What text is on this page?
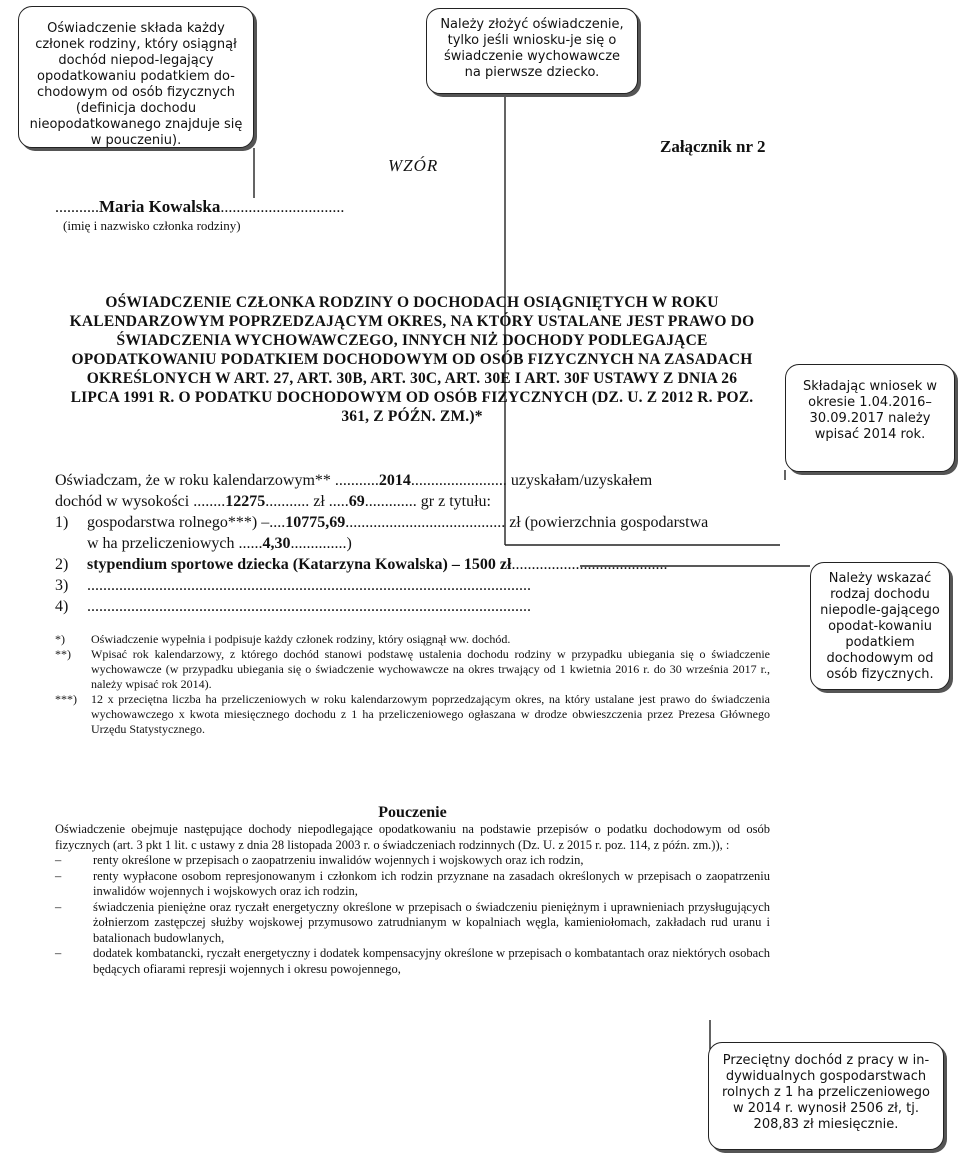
Oświadczenie składa każdy członek rodziny, który osiągnął dochód niepod-legający opodatkowaniu podatkiem do-chodowym od osób fizycznych (definicja dochodu nieopodatkowanego znajduje się w pouczeniu).
Należy złożyć oświadczenie, tylko jeśli wniosku-je się o świadczenie wychowawcze na pierwsze dziecko.
Składając wniosek w okresie 1.04.2016–30.09.2017 należy wpisać 2014 rok.
Należy wskazać rodzaj dochodu niepodle-gającego opodat-kowaniu podatkiem dochodowym od osób fizycznych.
Przeciętny dochód z pracy w in-dywidualnych gospodarstwach rolnych z 1 ha przeliczeniowego w 2014 r. wynosił 2506 zł, tj. 208,83 zł miesięcznie.
WZÓR
Załącznik nr 2
...........Maria Kowalska...............................
(imię i nazwisko członka rodziny)
OŚWIADCZENIE CZŁONKA RODZINY O DOCHODACH OSIĄGNIĘTYCH W ROKU KALENDARZOWYM POPRZEDZAJĄCYM OKRES, NA KTÓRY USTALANE JEST PRAWO DO ŚWIADCZENIA WYCHOWAWCZEGO, INNYCH NIŻ DOCHODY PODLEGAJĄCE OPODATKOWANIU PODATKIEM DOCHODOWYM OD OSÓB FIZYCZNYCH NA ZASADACH OKREŚLONYCH W ART. 27, ART. 30B, ART. 30C, ART. 30E I ART. 30F USTAWY Z DNIA 26 LIPCA 1991 R. O PODATKU DOCHODOWYM OD OSÓB FIZYCZNYCH (DZ. U. Z 2012 R. POZ. 361, Z PÓŹN. ZM.)*
Oświadczam, że w roku kalendarzowym** ...........2014........................ uzyskałam/uzyskałem
dochód w wysokości ........12275........... zł .....69............. gr z tytułu:
1) gospodarstwa rolnego***) –....10775,69........................................ zł (powierzchnia gospodarstwa
w ha przeliczeniowych ......4,30..............)
2) stypendium sportowe dziecka (Katarzyna Kowalska) – 1500 zł.......................................
3) ...............................................................................................................
4) ...............................................................................................................
*)	Oświadczenie wypełnia i podpisuje każdy członek rodziny, który osiągnął ww. dochód.
**)	Wpisać rok kalendarzowy, z którego dochód stanowi podstawę ustalenia dochodu rodziny w przypadku ubiegania się o świadczenie wychowawcze (w przypadku ubiegania się o świadczenie wychowawcze na okres trwający od 1 kwietnia 2016 r. do 30 września 2017 r., należy wpisać rok 2014).
***)	12 x przeciętna liczba ha przeliczeniowych w roku kalendarzowym poprzedzającym okres, na który ustalane jest prawo do świadczenia wychowawczego x kwota miesięcznego dochodu z 1 ha przeliczeniowego ogłaszana w drodze obwieszczenia przez Prezesa Głównego Urzędu Statystycznego.
Pouczenie
Oświadczenie obejmuje następujące dochody niepodlegające opodatkowaniu na podstawie przepisów o podatku dochodowym od osób fizycznych (art. 3 pkt 1 lit. c ustawy z dnia 28 listopada 2003 r. o świadczeniach rodzinnych (Dz. U. z 2015 r. poz. 114, z późn. zm.)), :
–	renty określone w przepisach o zaopatrzeniu inwalidów wojennych i wojskowych oraz ich rodzin,
–	renty wypłacone osobom represjonowanym i członkom ich rodzin przyznane na zasadach określonych w przepisach o zaopatrzeniu inwalidów wojennych i wojskowych oraz ich rodzin,
–	świadczenia pieniężne oraz ryczałt energetyczny określone w przepisach o świadczeniu pieniężnym i uprawnieniach przysługujących żołnierzom zastępczej służby wojskowej przymusowo zatrudnianym w kopalniach węgla, kamieniołomach, zakładach rud uranu i batalionach budowlanych,
–	dodatek kombatancki, ryczałt energetyczny i dodatek kompensacyjny określone w przepisach o kombatantach oraz niektórych osobach będących ofiarami represji wojennych i okresu powojennego,
